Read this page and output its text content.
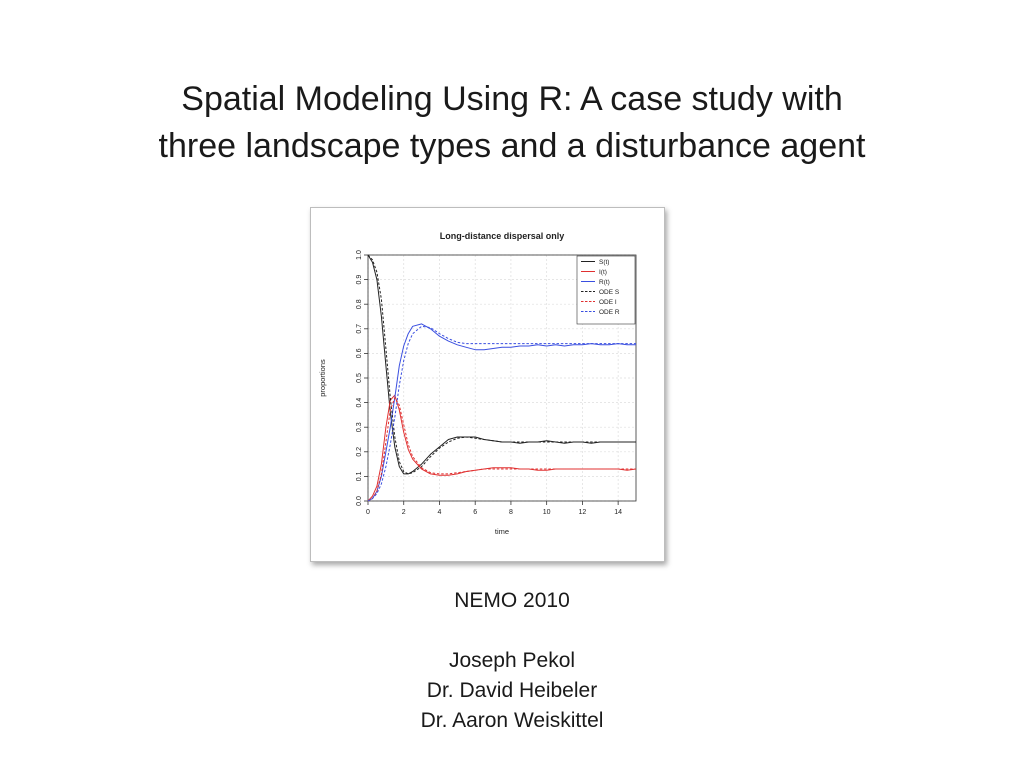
Spatial Modeling Using R: A case study with
three landscape types and a disturbance agent
Long-distance dispersal only
0	2	4	6	8	10	12	14
0.0
0.1
0.2
0.3
0.4
0.5
0.6
0.7
0.8
0.9
1.0
time
proportions
S(t)
I(t)
R(t)
ODE S
ODE I
ODE R
NEMO 2010
Joseph Pekol
Dr. David Heibeler
Dr. Aaron Weiskittel
